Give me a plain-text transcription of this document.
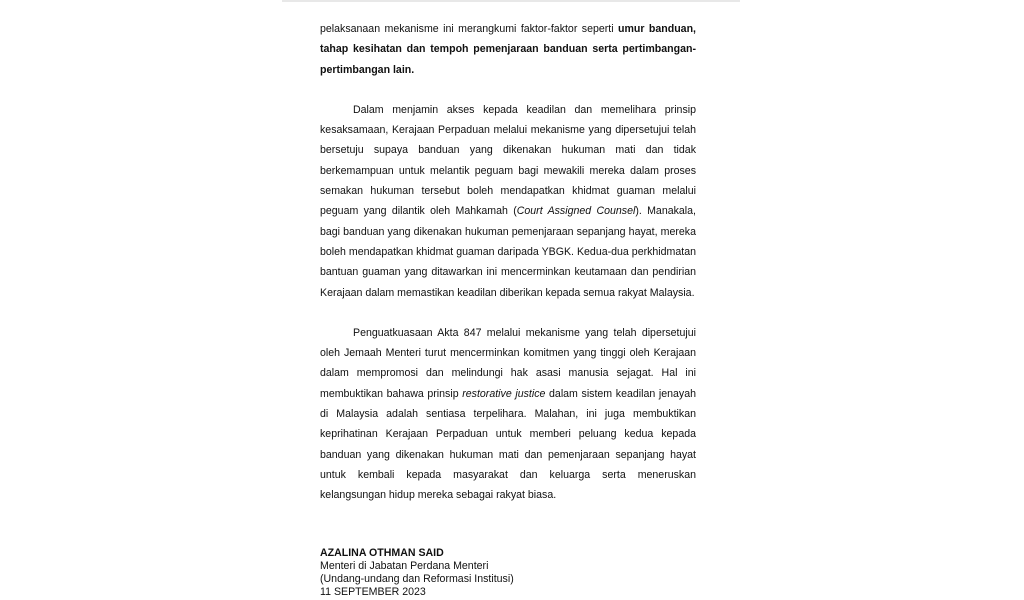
pelaksanaan mekanisme ini merangkumi faktor-faktor seperti umur banduan, tahap kesihatan dan tempoh pemenjaraan banduan serta pertimbangan-pertimbangan lain.

Dalam menjamin akses kepada keadilan dan memelihara prinsip kesaksamaan, Kerajaan Perpaduan melalui mekanisme yang dipersetujui telah bersetuju supaya banduan yang dikenakan hukuman mati dan tidak berkemampuan untuk melantik peguam bagi mewakili mereka dalam proses semakan hukuman tersebut boleh mendapatkan khidmat guaman melalui peguam yang dilantik oleh Mahkamah (Court Assigned Counsel). Manakala, bagi banduan yang dikenakan hukuman pemenjaraan sepanjang hayat, mereka boleh mendapatkan khidmat guaman daripada YBGK. Kedua-dua perkhidmatan bantuan guaman yang ditawarkan ini mencerminkan keutamaan dan pendirian Kerajaan dalam memastikan keadilan diberikan kepada semua rakyat Malaysia.

Penguatkuasaan Akta 847 melalui mekanisme yang telah dipersetujui oleh Jemaah Menteri turut mencerminkan komitmen yang tinggi oleh Kerajaan dalam mempromosi dan melindungi hak asasi manusia sejagat. Hal ini membuktikan bahawa prinsip restorative justice dalam sistem keadilan jenayah di Malaysia adalah sentiasa terpelihara. Malahan, ini juga membuktikan keprihatinan Kerajaan Perpaduan untuk memberi peluang kedua kepada banduan yang dikenakan hukuman mati dan pemenjaraan sepanjang hayat untuk kembali kepada masyarakat dan keluarga serta meneruskan kelangsungan hidup mereka sebagai rakyat biasa.

AZALINA OTHMAN SAID
Menteri di Jabatan Perdana Menteri
(Undang-undang dan Reformasi Institusi)
11 SEPTEMBER 2023
